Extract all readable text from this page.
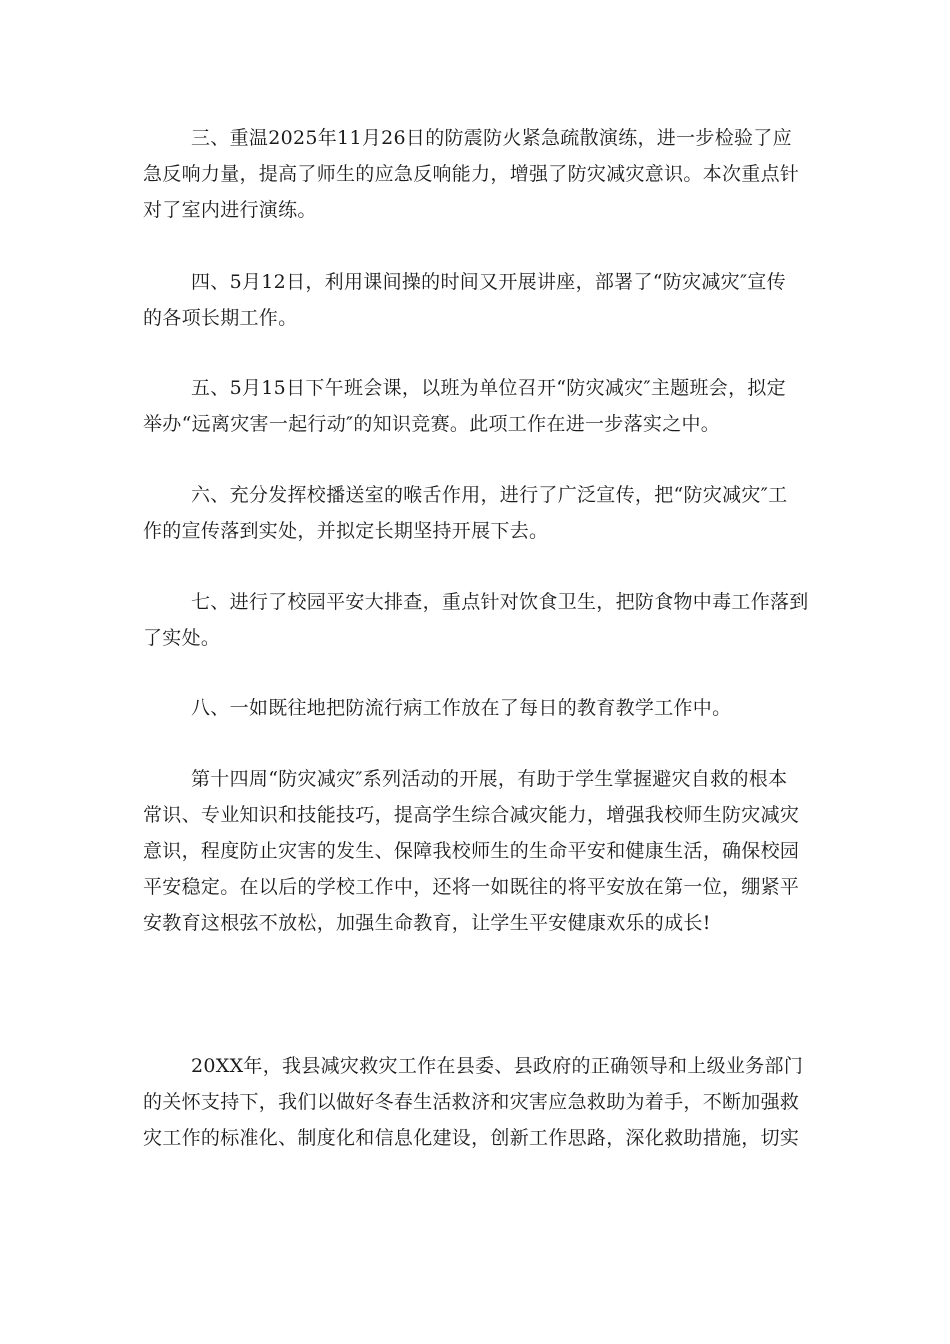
三、重温2025年11月26日的防震防火紧急疏散演练，进一步检验了应
急反响力量，提高了师生的应急反响能力，增强了防灾减灾意识。本次重点针
对了室内进行演练。

四、5月12日，利用课间操的时间又开展讲座，部署了“防灾减灾″宣传
的各项长期工作。

五、5月15日下午班会课，以班为单位召开“防灾减灾″主题班会，拟定
举办“远离灾害一起行动″的知识竞赛。此项工作在进一步落实之中。

六、充分发挥校播送室的喉舌作用，进行了广泛宣传，把“防灾减灾″工
作的宣传落到实处，并拟定长期坚持开展下去。

七、进行了校园平安大排查，重点针对饮食卫生，把防食物中毒工作落到
了实处。

八、一如既往地把防流行病工作放在了每日的教育教学工作中。

第十四周“防灾减灾″系列活动的开展，有助于学生掌握避灾自救的根本
常识、专业知识和技能技巧，提高学生综合减灾能力，增强我校师生防灾减灾
意识，程度防止灾害的发生、保障我校师生的生命平安和健康生活，确保校园
平安稳定。在以后的学校工作中，还将一如既往的将平安放在第一位，绷紧平
安教育这根弦不放松，加强生命教育，让学生平安健康欢乐的成长!

20XX年，我县减灾救灾工作在县委、县政府的正确领导和上级业务部门
的关怀支持下，我们以做好冬春生活救济和灾害应急救助为着手，不断加强救
灾工作的标准化、制度化和信息化建设，创新工作思路，深化救助措施，切实
